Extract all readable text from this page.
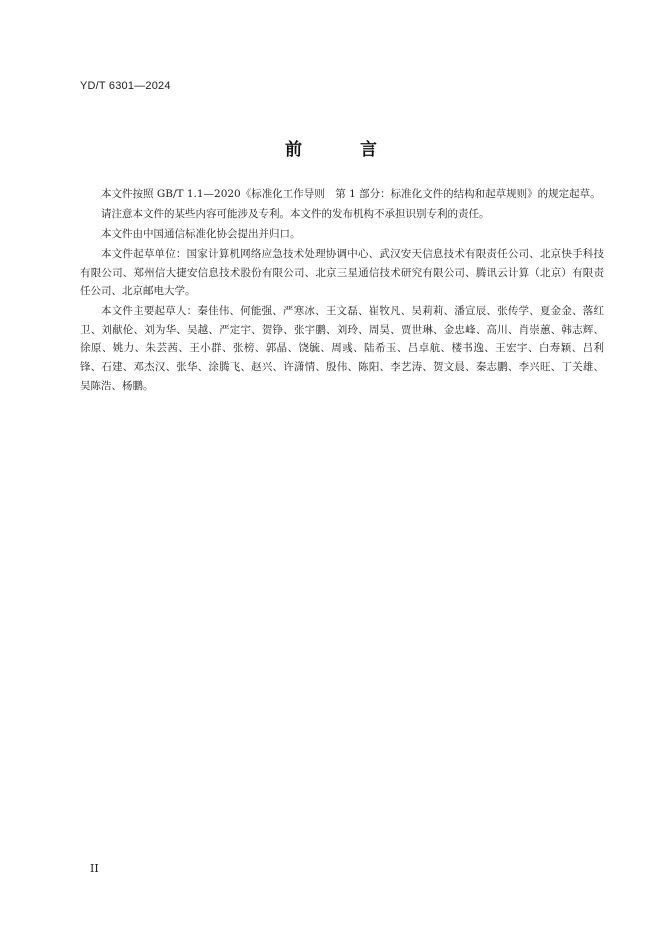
YD/T 6301—2024
前 言

本文件按照 GB/T 1.1—2020《标准化工作导则　第 1 部分：标准化文件的结构和起草规则》的规定起草。

请注意本文件的某些内容可能涉及专利。本文件的发布机构不承担识别专利的责任。

本文件由中国通信标准化协会提出并归口。

本文件起草单位：国家计算机网络应急技术处理协调中心、武汉安天信息技术有限责任公司、北京快手科技有限公司、郑州信大捷安信息技术股份有限公司、北京三星通信技术研究有限公司、腾讯云计算（北京）有限责任公司、北京邮电大学。

本文件主要起草人：秦佳伟、何能强、严寒冰、王文磊、崔牧凡、吴莉莉、潘宣辰、张传学、夏金金、落红卫、刘献伦、刘为华、吴越、严定宇、贺铮、张宇鹏、刘玲、周昊、贾世琳、金忠峰、高川、肖崇蕙、韩志辉、徐原、姚力、朱芸茜、王小群、张榜、郭晶、饶毓、周彧、陆希玉、吕卓航、楼书逸、王宏宇、白寿颖、吕利锋、石建、邓杰汉、张华、涂腾飞、赵兴、许潇情、殷伟、陈阳、李艺涛、贺文晨、秦志鹏、李兴旺、丁关雄、吴陈浩、杨鹏。

II
